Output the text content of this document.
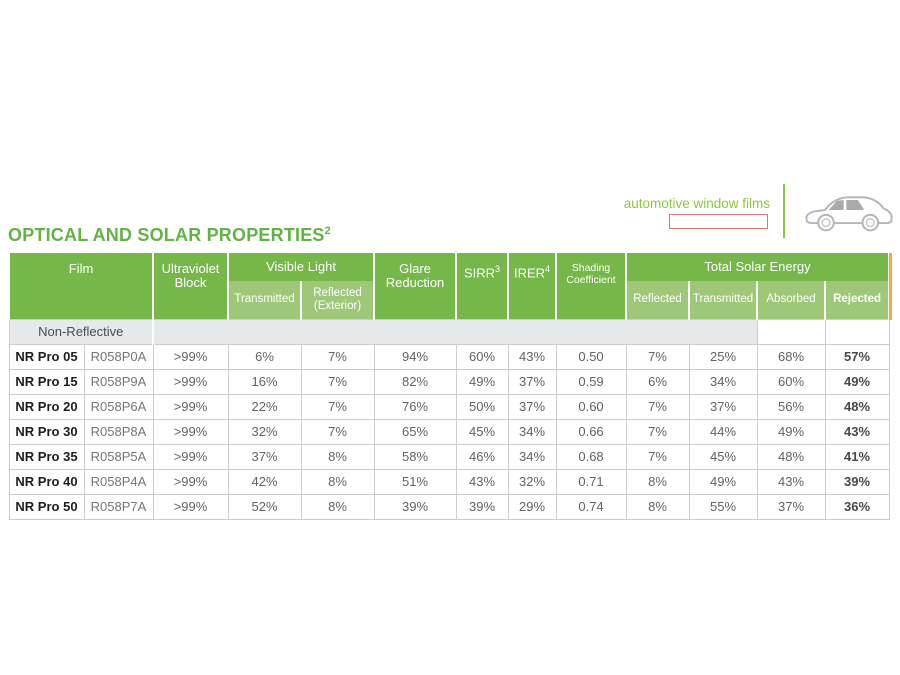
automotive window films
OPTICAL AND SOLAR PROPERTIES$^2$
Film		Ultraviolet Block	Visible Light		Glare Reduction	SIRR$^3$	IRER$^4$	Shading Coefficient	Total Solar Energy			
			Transmitted	Reflected (Exterior)					Reflected	Transmitted	Absorbed	Rejected
Non-Reflective												
NR Pro 05	R058P0A	>99%	6%	7%	94%	60%	43%	0.50	7%	25%	68%	57%
NR Pro 15	R058P9A	>99%	16%	7%	82%	49%	37%	0.59	6%	34%	60%	49%
NR Pro 20	R058P6A	>99%	22%	7%	76%	50%	37%	0.60	7%	37%	56%	48%
NR Pro 30	R058P8A	>99%	32%	7%	65%	45%	34%	0.66	7%	44%	49%	43%
NR Pro 35	R058P5A	>99%	37%	8%	58%	46%	34%	0.68	7%	45%	48%	41%
NR Pro 40	R058P4A	>99%	42%	8%	51%	43%	32%	0.71	8%	49%	43%	39%
NR Pro 50	R058P7A	>99%	52%	8%	39%	39%	29%	0.74	8%	55%	37%	36%
